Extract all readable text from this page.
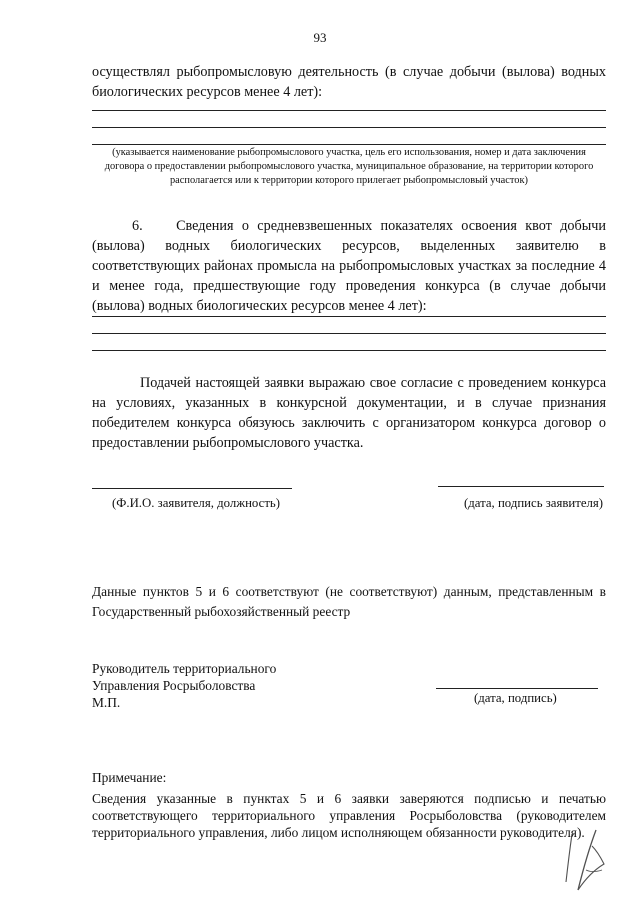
93
осуществлял рыбопромысловую деятельность (в случае добычи (вылова) водных биологических ресурсов менее 4 лет):
(указывается наименование рыбопромыслового участка, цель его использования, номер и дата заключения договора о предоставлении рыбопромыслового участка, муниципальное образование, на территории которого располагается или к территории которого прилегает рыбопромысловый участок)
6. Сведения о средневзвешенных показателях освоения квот добычи (вылова) водных биологических ресурсов, выделенных заявителю в соответствующих районах промысла на рыбопромысловых участках за последние 4 и менее года, предшествующие году проведения конкурса (в случае добычи (вылова) водных биологических ресурсов менее 4 лет):
Подачей настоящей заявки выражаю свое согласие с проведением конкурса на условиях, указанных в конкурсной документации, и в случае признания победителем конкурса обязуюсь заключить с организатором конкурса договор о предоставлении рыбопромыслового участка.
(Ф.И.О. заявителя, должность)	(дата, подпись заявителя)
Данные пунктов 5 и 6 соответствуют (не соответствуют) данным, представленным в Государственный рыбохозяйственный реестр
Руководитель территориального
Управления Росрыболовства
М.П.	(дата, подпись)
Примечание:
Сведения указанные в пунктах 5 и 6 заявки заверяются подписью и печатью соответствующего территориального управления Росрыболовства (руководителем территориального управления, либо лицом исполняющем обязанности руководителя).
